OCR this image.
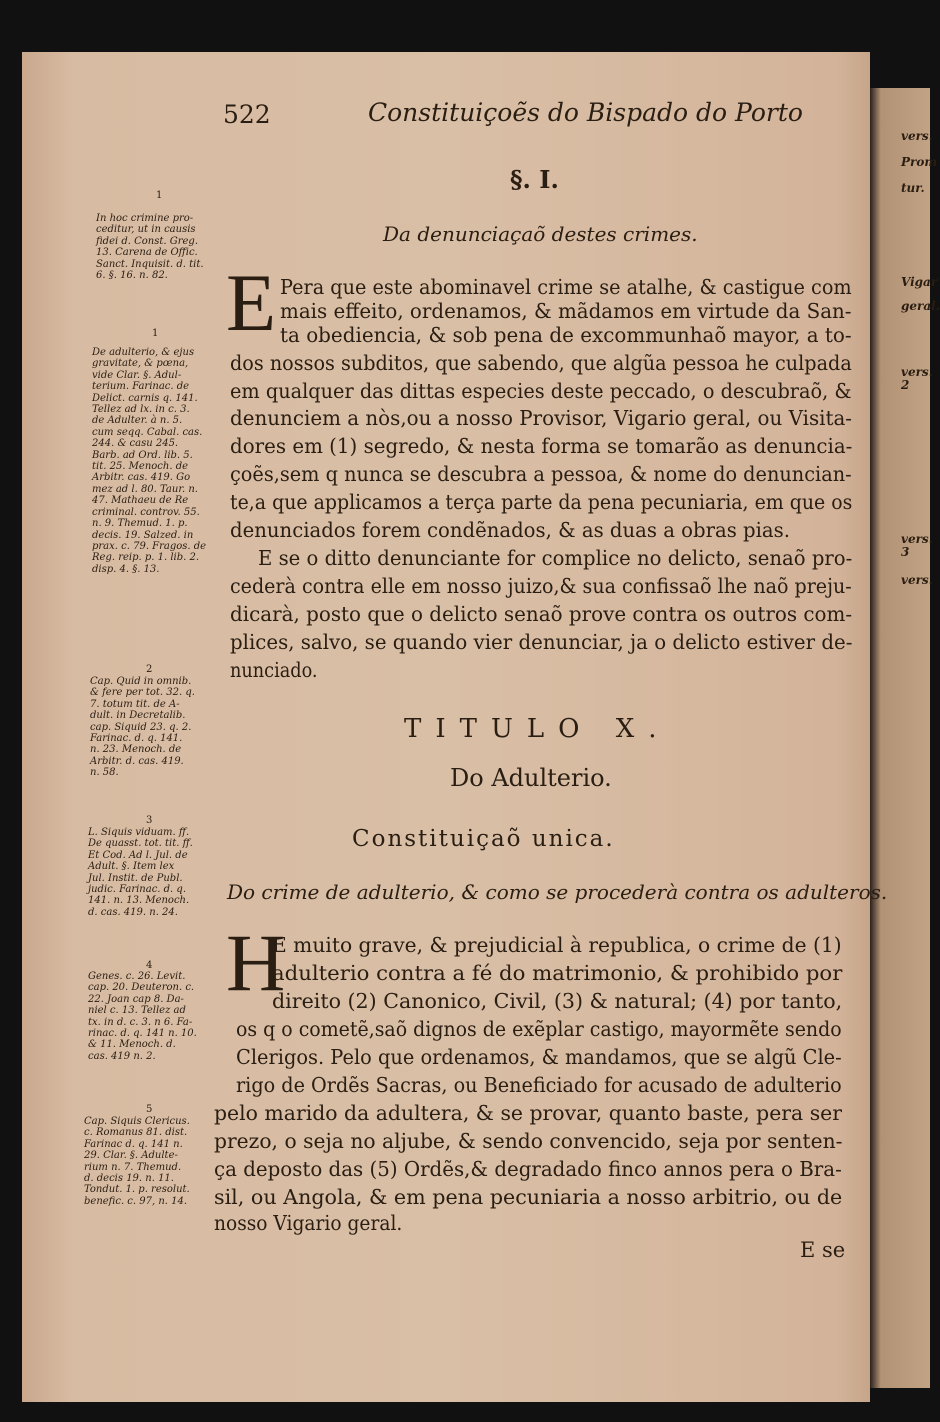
vers.
Prom
tur.
Vigar
geral.
vers. 2
vers. 3
vers.
522	Constituiçoẽs do Bispado do Porto
§. I.
Da denunciaçaõ destes crimes.
1
1
2
3
4
5
In hoc crimine pro-
ceditur, ut in causis
fidei d. Const. Greg.
13. Carena de Offic.
Sanct. Inquisit. d. tit.
6. §. 16. n. 82.
De adulterio, & ejus
gravitate, & pœna,
vide Clar. §. Adul-
terium. Farinac. de
Delict. carnis q. 141.
Tellez ad lx. in c. 3.
de Adulter. à n. 5.
cum seqq. Cabal. cas.
244. & casu 245.
Barb. ad Ord. lib. 5.
tit. 25. Menoch. de
Arbitr. cas. 419. Go
mez ad l. 80. Taur. n.
47. Mathaeu de Re
criminal. controv. 55.
n. 9. Themud. 1. p.
decis. 19. Salzed. in
prax. c. 79. Fragos. de
Reg. reip. p. 1. lib. 2.
disp. 4. §. 13.
Cap. Quid in omnib.
& fere per tot. 32. q.
7. totum tit. de A-
dult. in Decretalib.
cap. Siquid 23. q. 2.
Farinac. d. q. 141.
n. 23. Menoch. de
Arbitr. d. cas. 419.
n. 58.
L. Siquis viduam. ff.
De quasst. tot. tit. ff.
Et Cod. Ad l. Jul. de
Adult. §. Item lex
Jul. Instit. de Publ.
judic. Farinac. d. q.
141. n. 13. Menoch.
d. cas. 419. n. 24.
Genes. c. 26. Levit.
cap. 20. Deuteron. c.
22. Joan cap 8. Da-
niel c. 13. Tellez ad
tx. in d. c. 3. n 6. Fa-
rinac. d. q. 141 n. 10.
& 11. Menoch. d.
cas. 419 n. 2.
Cap. Siquis Clericus.
c. Romanus 81. dist.
Farinac d. q. 141 n.
29. Clar. §. Adulte-
rium n. 7. Themud.
d. decis 19. n. 11.
Tondut. 1. p. resolut.
benefic. c. 97, n. 14.
E Pera que este abominavel crime se atalhe, & castigue com
mais effeito, ordenamos, & mãdamos em virtude da San-
ta obediencia, & sob pena de excommunhaõ mayor, a to-
dos nossos subditos, que sabendo, que algũa pessoa he culpada
em qualquer das dittas especies deste peccado, o descubraõ, &
denunciem a nòs,ou a nosso Provisor, Vigario geral, ou Visita-
dores em (1) segredo, & nesta forma se tomarão as denuncia-
çoẽs,sem q nunca se descubra a pessoa, & nome do denuncian-
te,a que applicamos a terça parte da pena pecuniaria, em que os
denunciados forem condẽnados, & as duas a obras pias.
E se o ditto denunciante for complice no delicto, senaõ pro-
cederà contra elle em nosso juizo,& sua confissaõ lhe naõ preju-
dicarà, posto que o delicto senaõ prove contra os outros com-
plices, salvo, se quando vier denunciar, ja o delicto estiver de-
nunciado.
TITULO X.
Do Adulterio.
Constituiçaõ unica.
Do crime de adulterio, & como se procederà contra os adulteros.
H
E muito grave, & prejudicial à republica, o crime de (1)
adulterio contra a fé do matrimonio, & prohibido por
direito (2) Canonico, Civil, (3) & natural; (4) por tanto,
os q o cometẽ,saõ dignos de exẽplar castigo, mayormẽte sendo
Clerigos. Pelo que ordenamos, & mandamos, que se algũ Cle-
rigo de Ordẽs Sacras, ou Beneficiado for acusado de adulterio
pelo marido da adultera, & se provar, quanto baste, pera ser
prezo, o seja no aljube, & sendo convencido, seja por senten-
ça deposto das (5) Ordẽs,& degradado finco annos pera o Bra-
sil, ou Angola, & em pena pecuniaria a nosso arbitrio, ou de
nosso Vigario geral.
E se
